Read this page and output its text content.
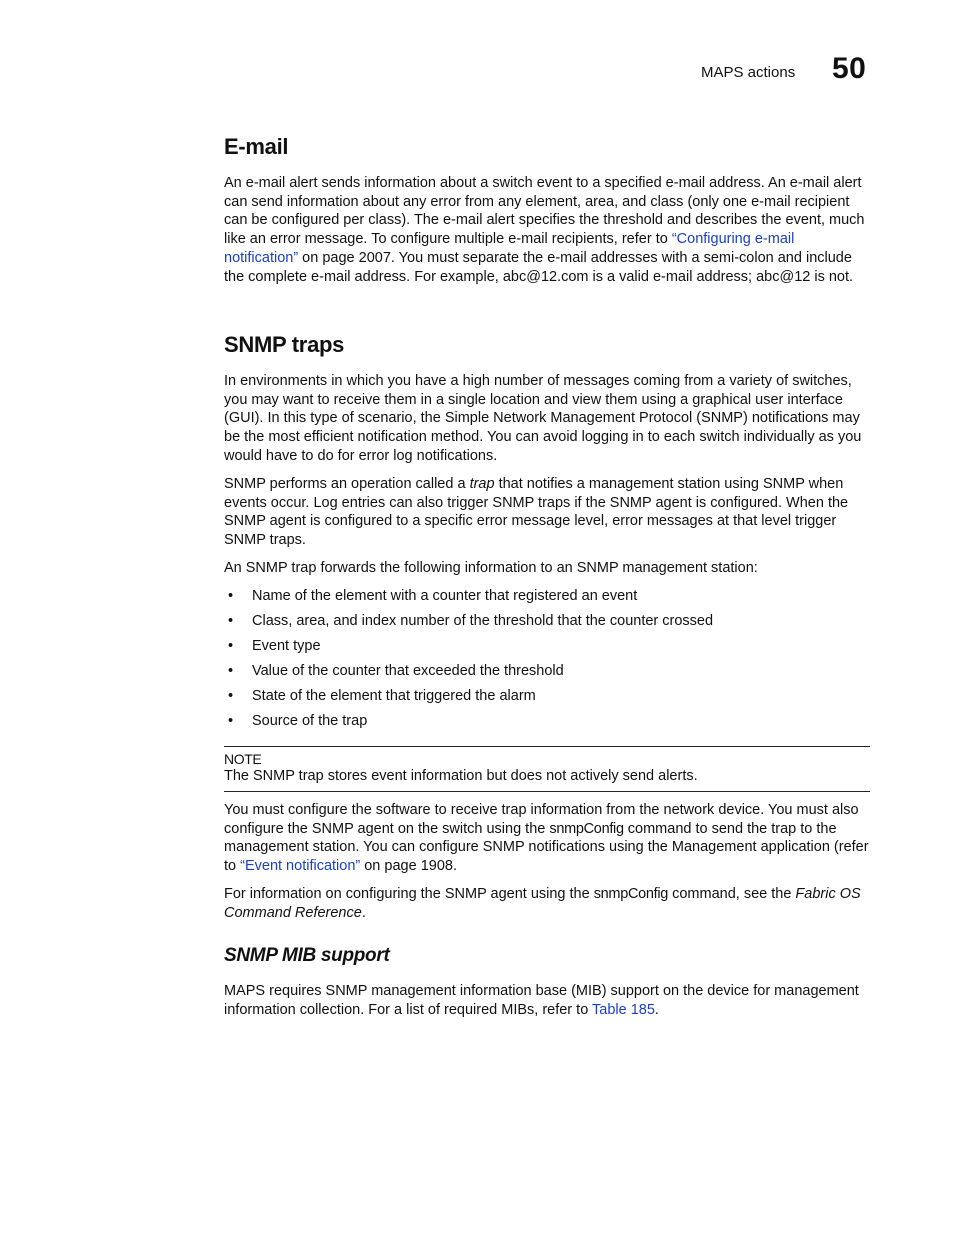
MAPS actions 50
E-mail

An e-mail alert sends information about a switch event to a specified e-mail address. An e-mail alert can send information about any error from any element, area, and class (only one e-mail recipient can be configured per class). The e-mail alert specifies the threshold and describes the event, much like an error message. To configure multiple e-mail recipients, refer to “Configuring e-mail notification” on page 2007. You must separate the e-mail addresses with a semi-colon and include the complete e-mail address. For example, abc@12.com is a valid e-mail address; abc@12 is not.

SNMP traps

In environments in which you have a high number of messages coming from a variety of switches, you may want to receive them in a single location and view them using a graphical user interface (GUI). In this type of scenario, the Simple Network Management Protocol (SNMP) notifications may be the most efficient notification method. You can avoid logging in to each switch individually as you would have to do for error log notifications.

SNMP performs an operation called a trap that notifies a management station using SNMP when events occur. Log entries can also trigger SNMP traps if the SNMP agent is configured. When the SNMP agent is configured to a specific error message level, error messages at that level trigger SNMP traps.

An SNMP trap forwards the following information to an SNMP management station:

• Name of the element with a counter that registered an event
• Class, area, and index number of the threshold that the counter crossed
• Event type
• Value of the counter that exceeded the threshold
• State of the element that triggered the alarm
• Source of the trap
NOTE
The SNMP trap stores event information but does not actively send alerts.

You must configure the software to receive trap information from the network device. You must also configure the SNMP agent on the switch using the snmpConfig command to send the trap to the management station. You can configure SNMP notifications using the Management application (refer to “Event notification” on page 1908.

For information on configuring the SNMP agent using the snmpConfig command, see the Fabric OS Command Reference.

SNMP MIB support

MAPS requires SNMP management information base (MIB) support on the device for management information collection. For a list of required MIBs, refer to Table 185.
